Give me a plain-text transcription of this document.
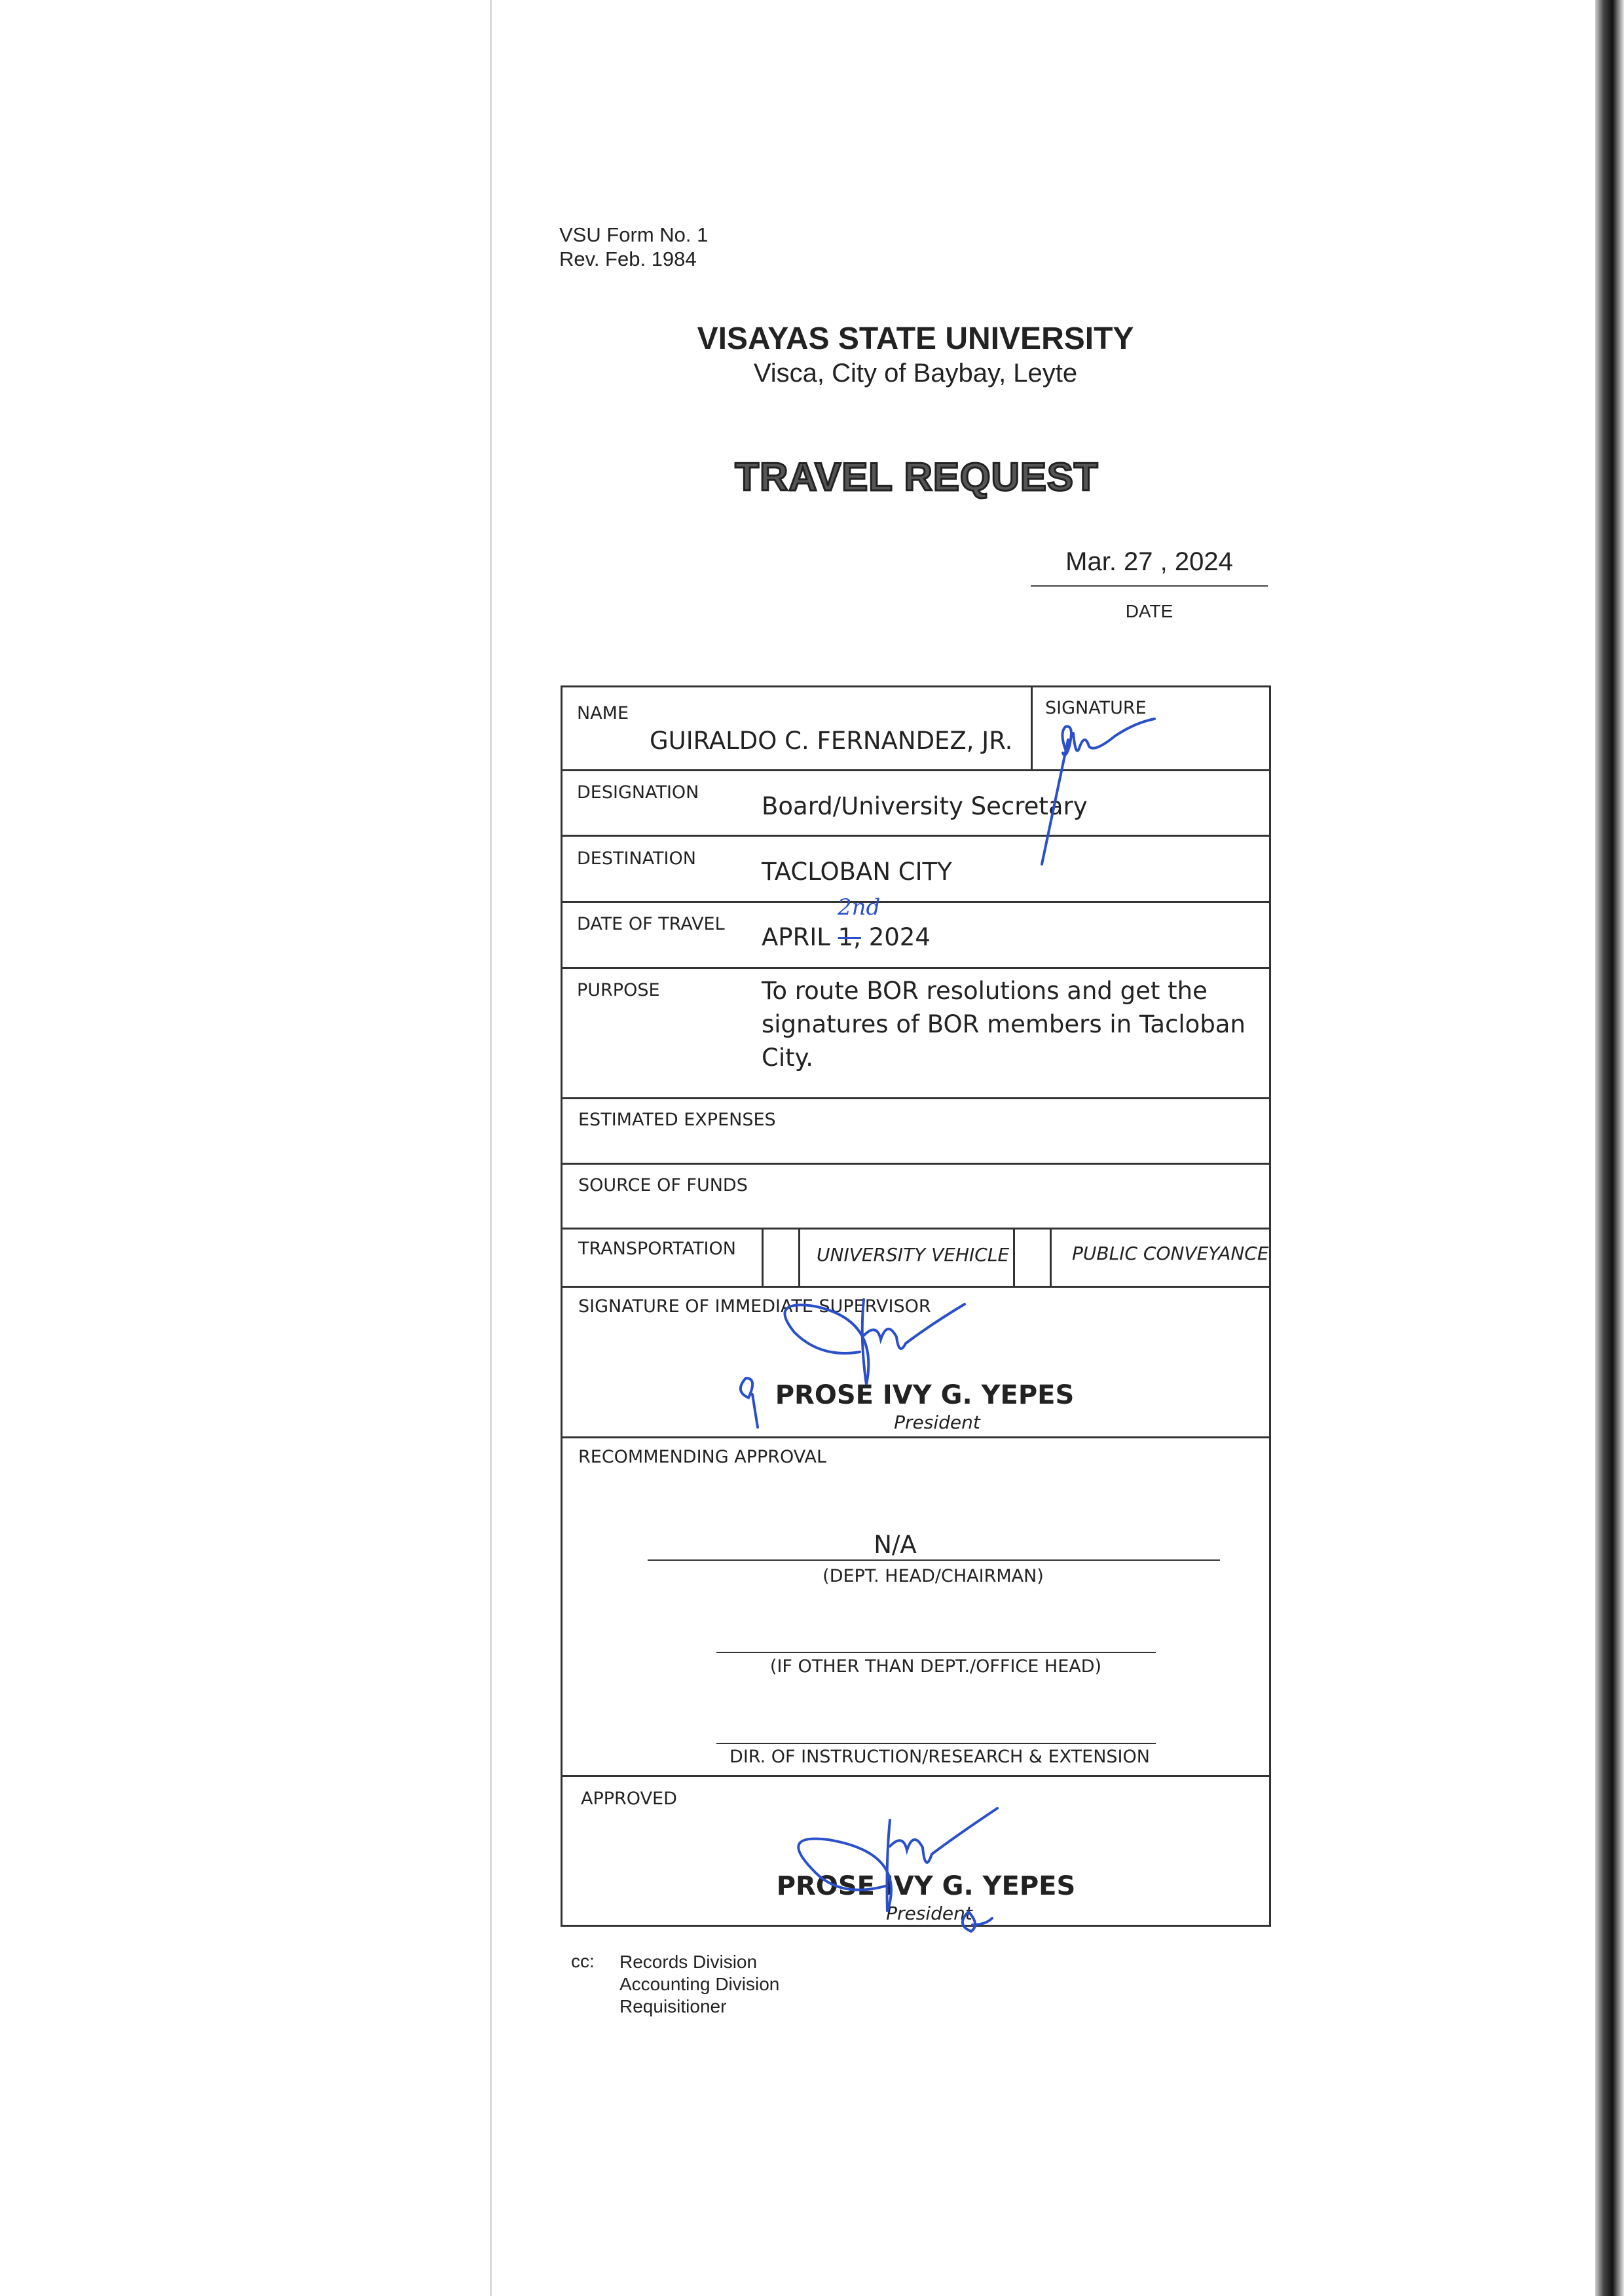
VSU Form No. 1
Rev. Feb. 1984
VISAYAS STATE UNIVERSITY
Visca, City of Baybay, Leyte
TRAVEL REQUEST
Mar. 27 , 2024
DATE
NAME
GUIRALDO C. FERNANDEZ, JR.
SIGNATURE
DESIGNATION	Board/University Secretary
DESTINATION	TACLOBAN CITY
DATE OF TRAVEL APRIL 1, 2024
2nd
PURPOSE	To route BOR resolutions and get the signatures of BOR members in Tacloban City.
ESTIMATED EXPENSES
SOURCE OF FUNDS
TRANSPORTATION	UNIVERSITY VEHICLE	PUBLIC CONVEYANCE
SIGNATURE OF IMMEDIATE SUPERVISOR
PROSE IVY G. YEPES
President
RECOMMENDING APPROVAL
N/A
(DEPT. HEAD/CHAIRMAN)
(IF OTHER THAN DEPT./OFFICE HEAD)
DIR. OF INSTRUCTION/RESEARCH & EXTENSION
APPROVED
PROSE IVY G. YEPES
President
cc: Records Division
Accounting Division
Requisitioner
